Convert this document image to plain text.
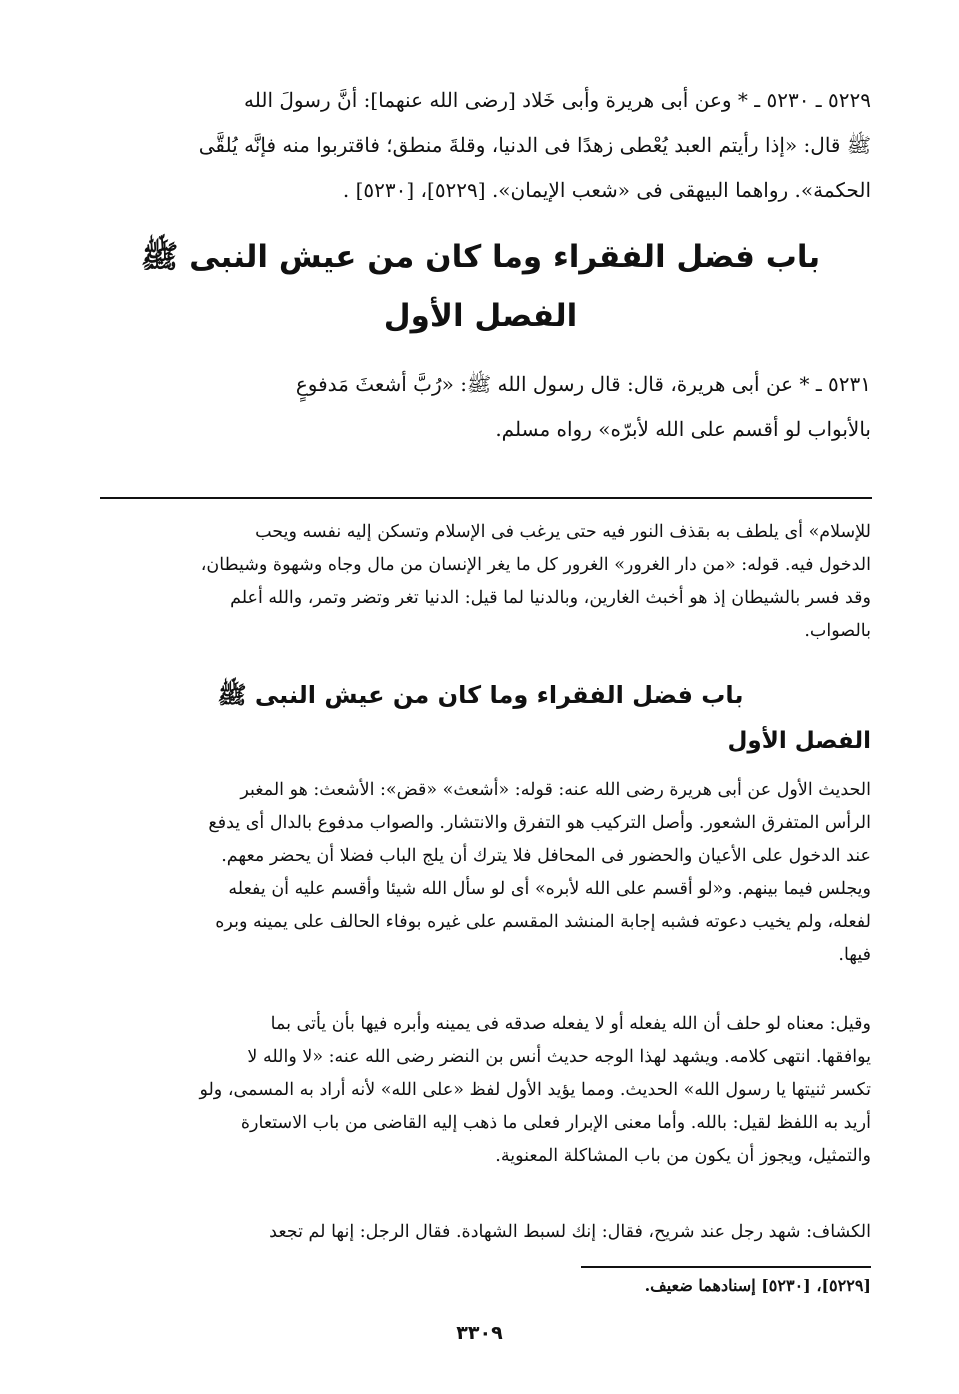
٥٢٢٩ ـ ٥٢٣٠ ـ * وعن أبى هريرة وأبى خَلاد [رضى الله عنهما]: أنَّ رسولَ الله

ﷺ قال: «إذا رأيتم العبد يُعْطى زهدًا فى الدنيا، وقلةَ منطق؛ فاقتربوا منه فإنَّه يُلقَّى

الحكمة». رواهما البيهقى فى «شعب الإيمان». [٥٢٢٩]، [٥٢٣٠] .

باب فضل الفقراء وما كان من عيش النبى ﷺ
الفصل الأول

٥٢٣١ ـ * عن أبى هريرة، قال: قال رسول الله ﷺ: «رُبَّ أشعثَ مَدفوعٍ

بالأبواب لو أقسم على الله لأبرّه» رواه مسلم.

للإسلام» أى يلطف به بقذف النور فيه حتى يرغب فى الإسلام وتسكن إليه نفسه ويحب

الدخول فيه. قوله: «من دار الغرور» الغرور كل ما يغر الإنسان من مال وجاه وشهوة وشيطان،

وقد فسر بالشيطان إذ هو أخبث الغارين، وبالدنيا لما قيل: الدنيا تغر وتضر وتمر، والله أعلم

بالصواب.

باب فضل الفقراء وما كان من عيش النبى ﷺ
الفصل الأول

الحديث الأول عن أبى هريرة رضى الله عنه: قوله: «أشعث» «قض»: الأشعث: هو المغبر

الرأس المتفرق الشعور. وأصل التركيب هو التفرق والانتشار. والصواب مدفوع بالدال أى يدفع

عند الدخول على الأعيان والحضور فى المحافل فلا يترك أن يلج الباب فضلا أن يحضر معهم.

ويجلس فيما بينهم. و«لو أقسم على الله لأبره» أى لو سأل الله شيئا وأقسم عليه أن يفعله

لفعله، ولم يخيب دعوته فشبه إجابة المنشد المقسم على غيره بوفاء الحالف على يمينه وبره

فيها.

وقيل: معناه لو حلف أن الله يفعله أو لا يفعله صدقه فى يمينه وأبره فيها بأن يأتى بما

يوافقها. انتهى كلامه. ويشهد لهذا الوجه حديث أنس بن النضر رضى الله عنه: «لا والله لا

تكسر ثنيتها يا رسول الله» الحديث. ومما يؤيد الأول لفظ «على الله» لأنه أراد به المسمى، ولو

أريد به اللفظ لقيل: بالله. وأما معنى الإبرار فعلى ما ذهب إليه القاضى من باب الاستعارة

والتمثيل، ويجوز أن يكون من باب المشاكلة المعنوية.

الكشاف: شهد رجل عند شريح، فقال: إنك لسبط الشهادة. فقال الرجل: إنها لم تجعد

[٥٢٢٩]، [٥٢٣٠] إسنادهما ضعيف.

٣٣٠٩
